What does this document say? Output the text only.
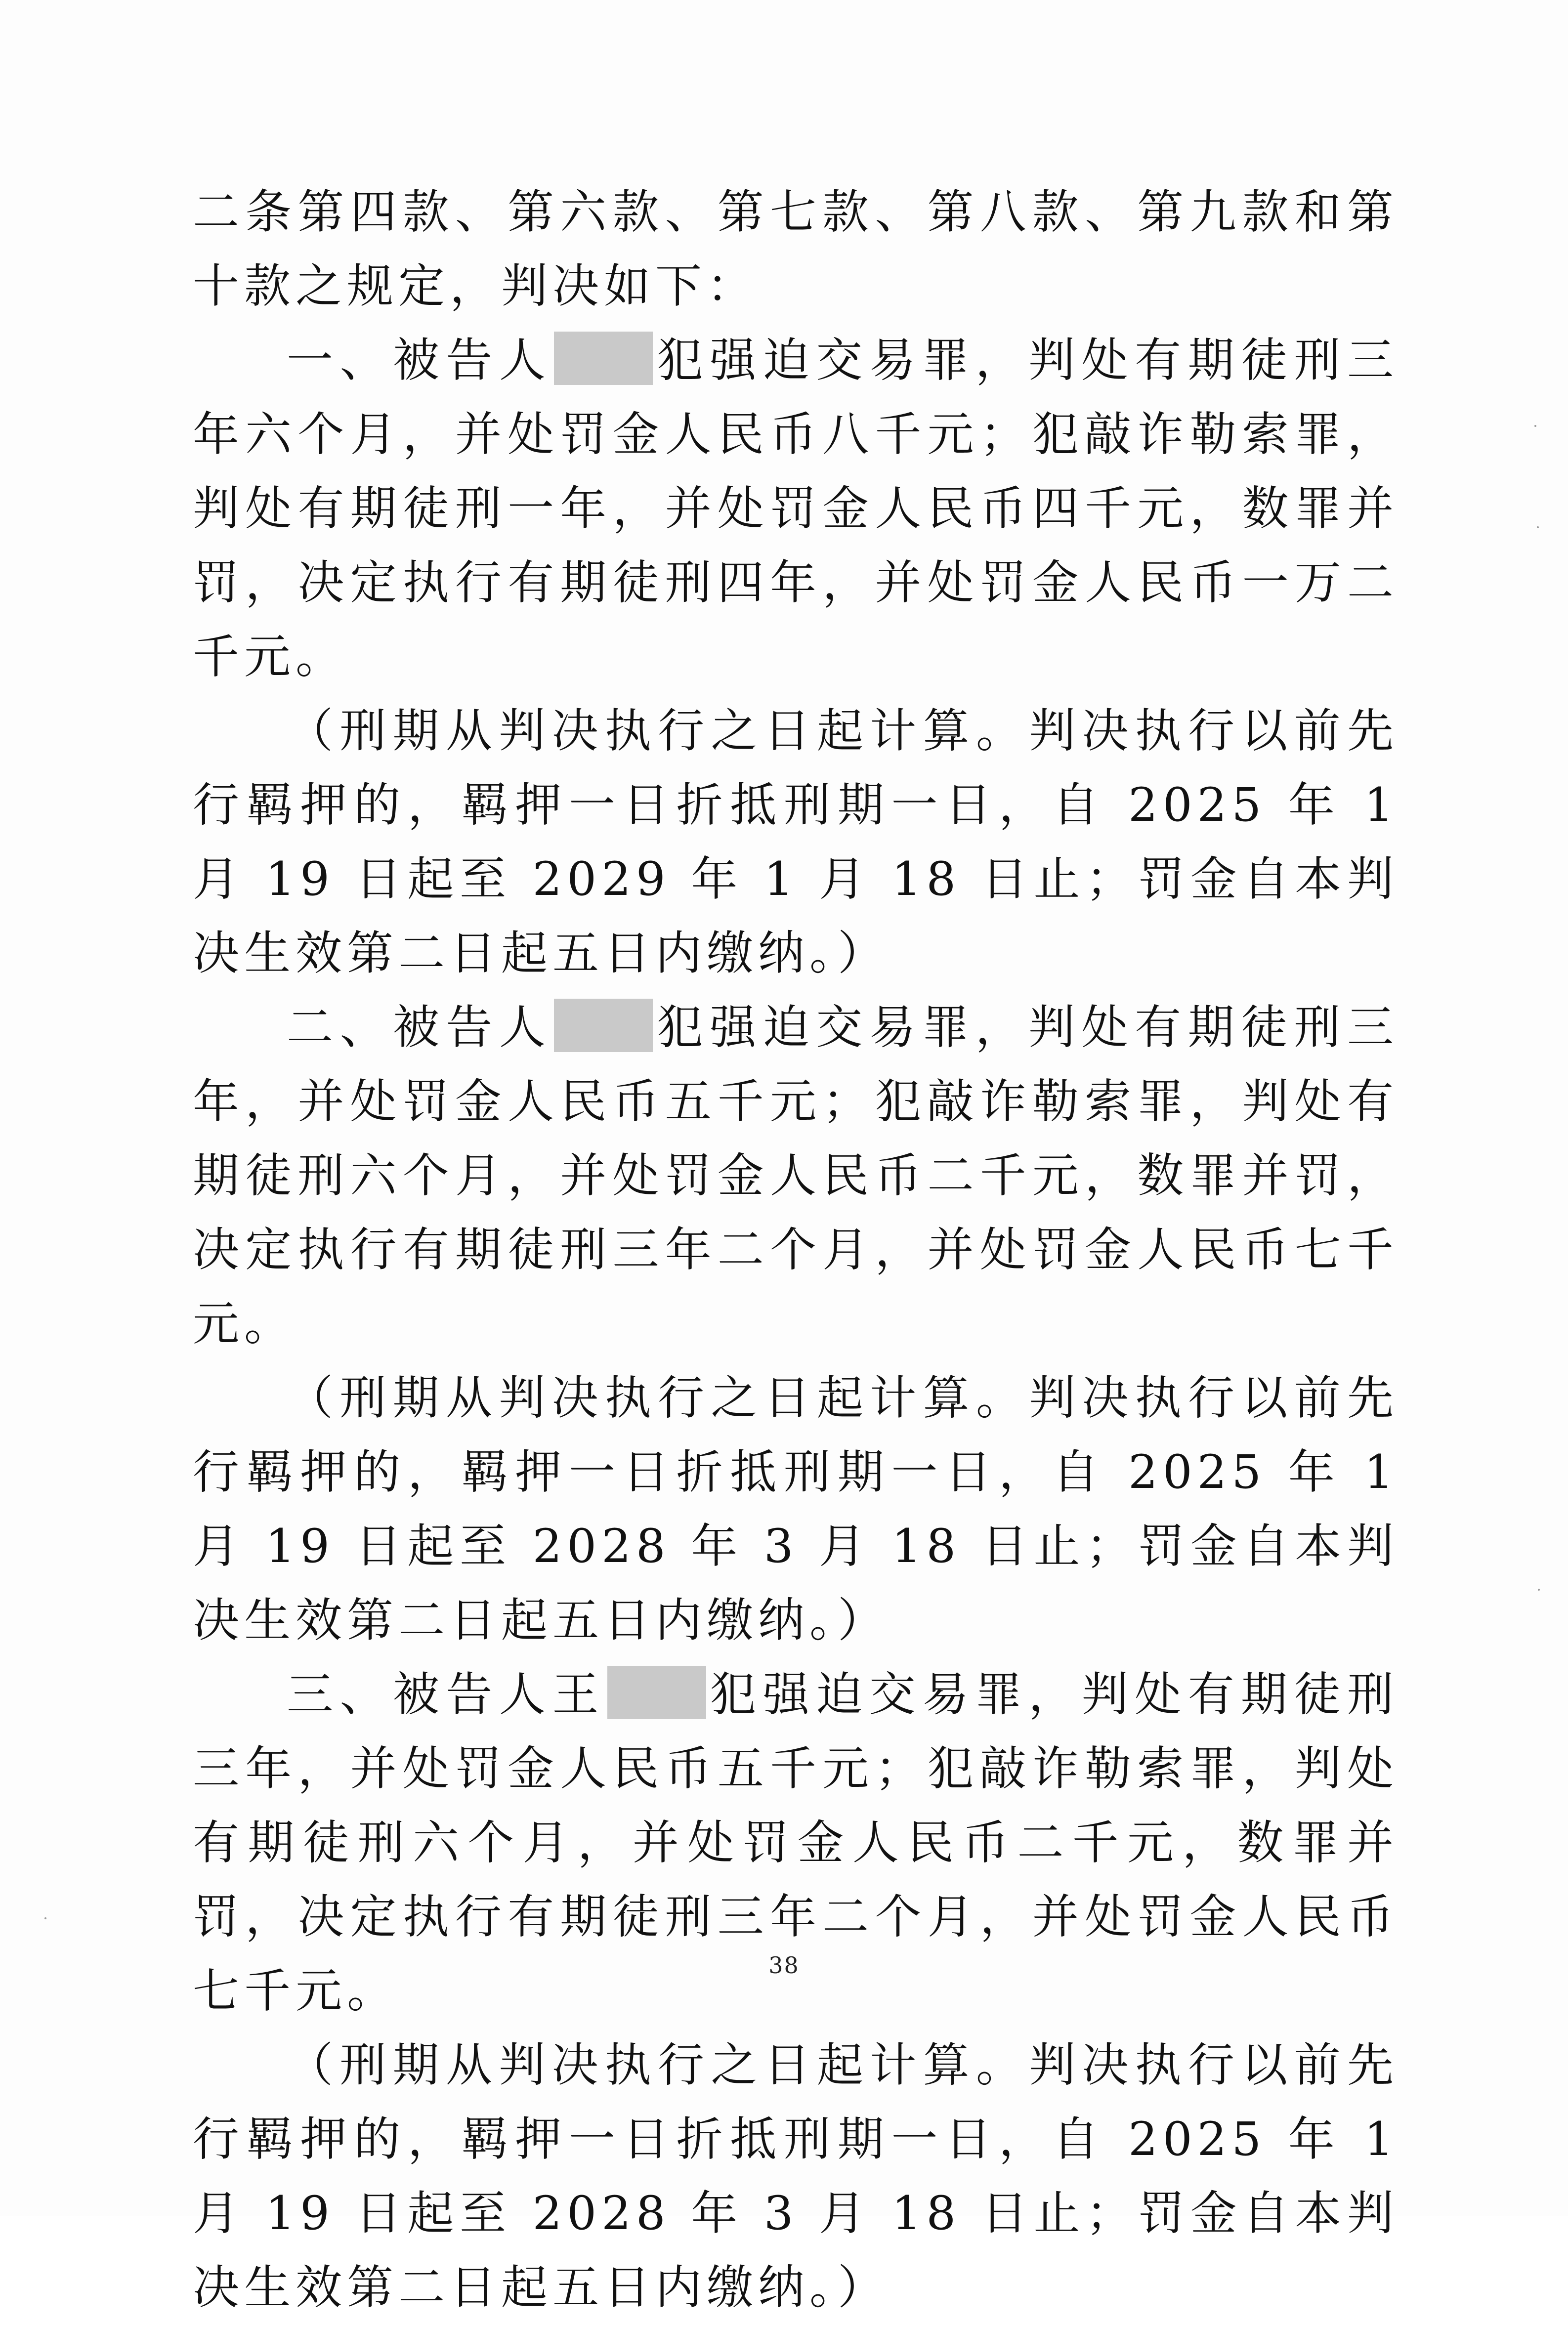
二条第四款、第六款、第七款、第八款、第九款和第十款之规定，判决如下：

一、被告人 犯强迫交易罪，判处有期徒刑三年六个月，并处罚金人民币八千元；犯敲诈勒索罪，判处有期徒刑一年，并处罚金人民币四千元，数罪并罚，决定执行有期徒刑四年，并处罚金人民币一万二千元。

（刑期从判决执行之日起计算。判决执行以前先行羁押的，羁押一日折抵刑期一日，自 2025 年 1 月 19 日起至 2029 年 1 月 18 日止；罚金自本判决生效第二日起五日内缴纳。）

二、被告人 犯强迫交易罪，判处有期徒刑三年，并处罚金人民币五千元；犯敲诈勒索罪，判处有期徒刑六个月，并处罚金人民币二千元，数罪并罚，决定执行有期徒刑三年二个月，并处罚金人民币七千元。

（刑期从判决执行之日起计算。判决执行以前先行羁押的，羁押一日折抵刑期一日，自 2025 年 1 月 19 日起至 2028 年 3 月 18 日止；罚金自本判决生效第二日起五日内缴纳。）

三、被告人王 犯强迫交易罪，判处有期徒刑三年，并处罚金人民币五千元；犯敲诈勒索罪，判处有期徒刑六个月，并处罚金人民币二千元，数罪并罚，决定执行有期徒刑三年二个月，并处罚金人民币七千元。

（刑期从判决执行之日起计算。判决执行以前先行羁押的，羁押一日折抵刑期一日，自 2025 年 1 月 19 日起至 2028 年 3 月 18 日止；罚金自本判决生效第二日起五日内缴纳。）

38
